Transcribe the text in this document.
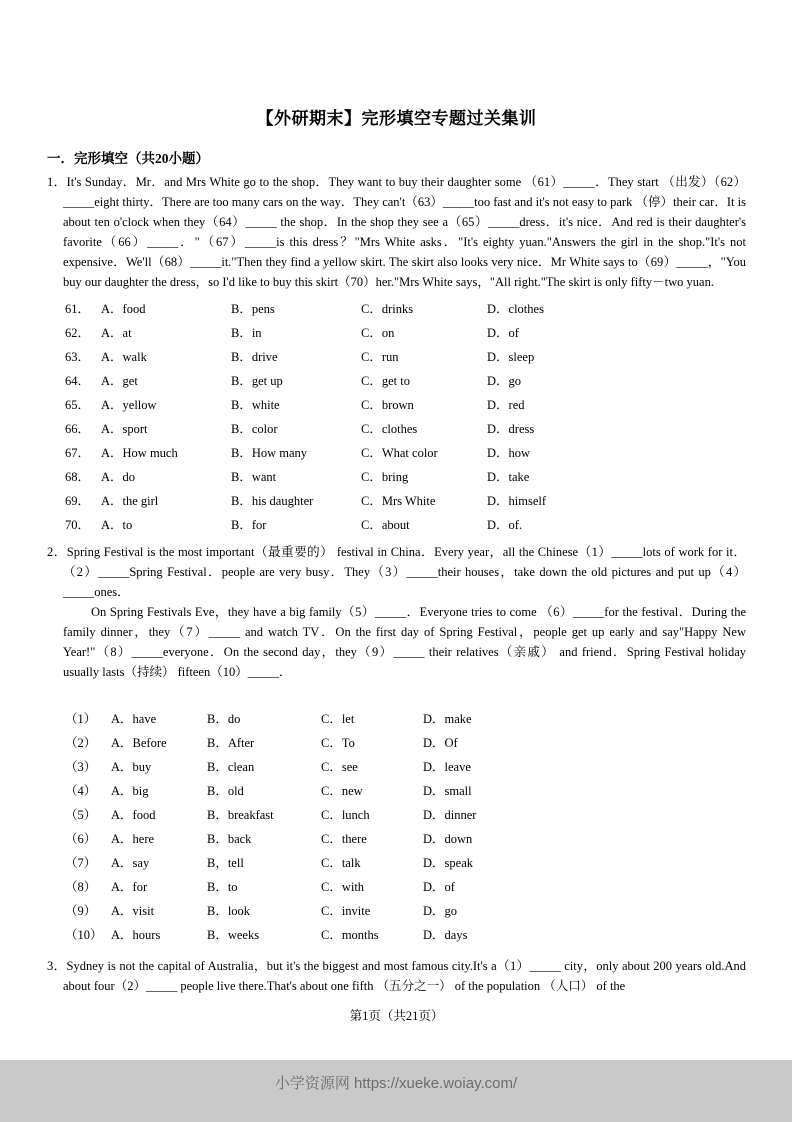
【外研期末】完形填空专题过关集训
一．完形填空（共20小题）

1．It's Sunday．Mr．and Mrs White go to the shop．They want to buy their daughter some （61）_____．They start （出发）（62）_____eight thirty．There are too many cars on the way．They can't（63）_____too fast and it's not easy to park （停）their car．It is about ten o'clock when they（64）_____ the shop．In the shop they see a（65）_____dress．it's nice．And red is their daughter's favorite（66）_____．"（67）_____is this dress？"Mrs White asks．"It's eighty yuan."Answers the girl in the shop."It's not expensive．We'll（68）_____it."Then they find a yellow skirt. The skirt also looks very nice．Mr White says to（69）_____，"You buy our daughter the dress，so I'd like to buy this skirt（70）her."Mrs White says，"All right."The skirt is only fifty－two yuan.

61． A．food	B．pens	C．drinks	D．clothes
62． A．at	B．in	C．on	D．of
63． A．walk	B．drive	C．run	D．sleep
64． A．get	B．get up	C．get to	D．go
65． A．yellow	B．white	C．brown	D．red
66． A．sport	B．color	C．clothes	D．dress
67． A．How much	B．How many	C．What color	D．how
68． A．do	B．want	C．bring	D．take
69． A．the girl	B．his daughter	C．Mrs White	D．himself
70． A．to	B．for	C．about	D．of.

2．Spring Festival is the most important（最重要的） festival in China．Every year，all the Chinese（1）_____lots of work for it．（2）_____Spring Festival．people are very busy．They（3）_____their houses，take down the old pictures and put up（4）_____ones．

On Spring Festivals Eve，they have a big family（5）_____．Everyone tries to come （6）_____for the festival．During the family dinner，they（7）_____ and watch TV．On the first day of Spring Festival，people get up early and say"Happy New Year!"（8）_____everyone．On the second day，they（9）_____ their relatives（亲戚） and friend．Spring Festival holiday usually lasts（持续） fifteen（10）_____．

（1）	A．have	B．do	C．let	D．make
（2）	A．Before	B．After	C．To	D．Of
（3）	A．buy	B．clean	C．see	D．leave
（4）	A．big	B．old	C．new	D．small
（5）	A．food	B．breakfast	C．lunch	D．dinner
（6）	A．here	B．back	C．there	D．down
（7）	A．say	B，tell	C．talk	D．speak
（8）	A．for	B．to	C．with	D．of
（9）	A．visit	B．look	C．invite	D．go
（10） A．hours	B．weeks	C．months	D．days

3．Sydney is not the capital of Australia，but it's the biggest and most famous city.It's a（1）_____ city，only about 200 years old.And about four（2）_____ people live there.That's about one fifth （五分之一） of the population （人口） of the

第1页（共21页）
小学资源网 https://xueke.woiay.com/
